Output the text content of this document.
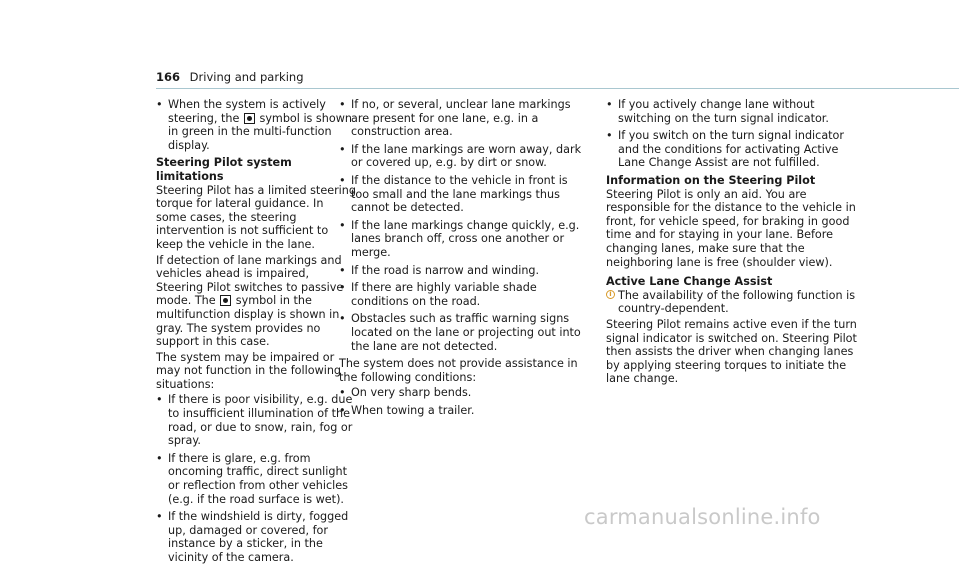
166 Driving and parking
• When the system is actively steering, the symbol is shown in green in the multi-function display.
Steering Pilot system limitations

Steering Pilot has a limited steering torque for lateral guidance. In some cases, the steering intervention is not sufficient to keep the vehicle in the lane.

If detection of lane markings and vehicles ahead is impaired, Steering Pilot switches to passive mode. The symbol in the multifunction display is shown in gray. The system provides no support in this case.

The system may be impaired or may not function in the following situations:

• If there is poor visibility, e.g. due to insufficient illumination of the road, or due to snow, rain, fog or spray.
• If there is glare, e.g. from oncoming traffic, direct sunlight or reflection from other vehicles (e.g. if the road surface is wet).
• If the windshield is dirty, fogged up, damaged or covered, for instance by a sticker, in the vicinity of the camera.
• If no, or several, unclear lane markings are present for one lane, e.g. in a construction area.
• If the lane markings are worn away, dark or covered up, e.g. by dirt or snow.
• If the distance to the vehicle in front is too small and the lane markings thus cannot be detected.
• If the lane markings change quickly, e.g. lanes branch off, cross one another or merge.
• If the road is narrow and winding.
• If there are highly variable shade conditions on the road.
• Obstacles such as traffic warning signs located on the lane or projecting out into the lane are not detected.

The system does not provide assistance in the following conditions:

• On very sharp bends.
• When towing a trailer.
• If you actively change lane without switching on the turn signal indicator.
• If you switch on the turn signal indicator and the conditions for activating Active Lane Change Assist are not fulfilled.
Information on the Steering Pilot

Steering Pilot is only an aid. You are responsible for the distance to the vehicle in front, for vehicle speed, for braking in good time and for staying in your lane. Before changing lanes, make sure that the neighboring lane is free (shoulder view).

Active Lane Change Assist
i The availability of the following function is country-dependent.

Steering Pilot remains active even if the turn signal indicator is switched on. Steering Pilot then assists the driver when changing lanes by applying steering torques to initiate the lane change.

carmanualsonline.info
